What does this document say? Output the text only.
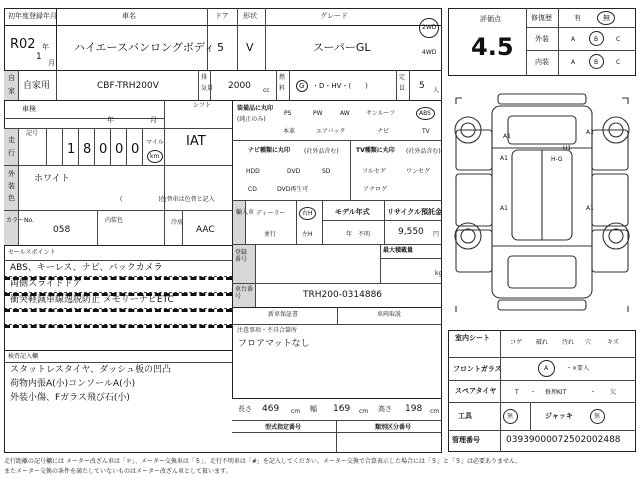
初年度登録年月
R02 年
1
月
車名
ハイエースバンロングボディ
ドア
5
形状
V
グレード
スーパーGL
2WD
4WD
自
家 自家用	CBF-TRH200V
排
気量 2000 cc
燃
料 G ・D・HV・(　　)
定
員 5 人
車検
年	月
シフト
IAT
走
行
記号
1 8 0 0 0 マイル
km
外
装
色
ホワイト
(　　　　　　)色替車は色替と記入
カラーNo.
058
内装色	冷房
AAC
セールスポイント
ABS、キーレス、ナビ、バックカメラ
両側スライドドア
衝突軽減車線逸脱防止 メモリーナビETC
装備品に丸印
(純正のみ)
PS	PW	AW	サンルーフ	ABS
本革	エアバック	ナビ	TV
ナビ種類に丸印 (社外品含む)
HDD	DVD	SD
CD	DVD再生可
TV種類に丸印 (社外品含む)
フルセグ	ワンセグ
アナログ
輸入車 ディーラー
並行
右H
左H
モデル年式
年　不明
リサイクル預託金
9,550 円
登録番号
最大積載量
kg
車台番号	TRH200-0314886
新車保証書	車両取説
注意事項・不具合箇所
フロアマットなし
検査記入欄
スタットレスタイヤ、ダッシュ板の凹凸
荷物内張A(小)コンソールA(小)
外装小傷、Fガラス飛び石(小)
長さ 469 cm 幅 169 cm 高さ 198 cm
型式指定番号	類別区分番号
評価点
4.5
修復歴	有	無
外装	A	B	C
内装	A	B	C
A1	H-G
A1
A1	A1
U1
A1
室内シート
コゲ 破れ 汚れ 穴	キズ
フロントガラス	A	・×要入
スペアタイヤ	T ・ 修理KIT	・ 欠
工具	無	ジャッキ	無
管理番号	03939000072502002488
走行距離の記号欄には メーター改ざん車は「＊」、メーター交換車は「＄」、走行不明車は「#」を記入してください。メーター交換で合算表示した場合には「＄」と「＄」は必要ありません。
またメーター交換の条件を満たしていないものはメーター改ざん車として扱います。
